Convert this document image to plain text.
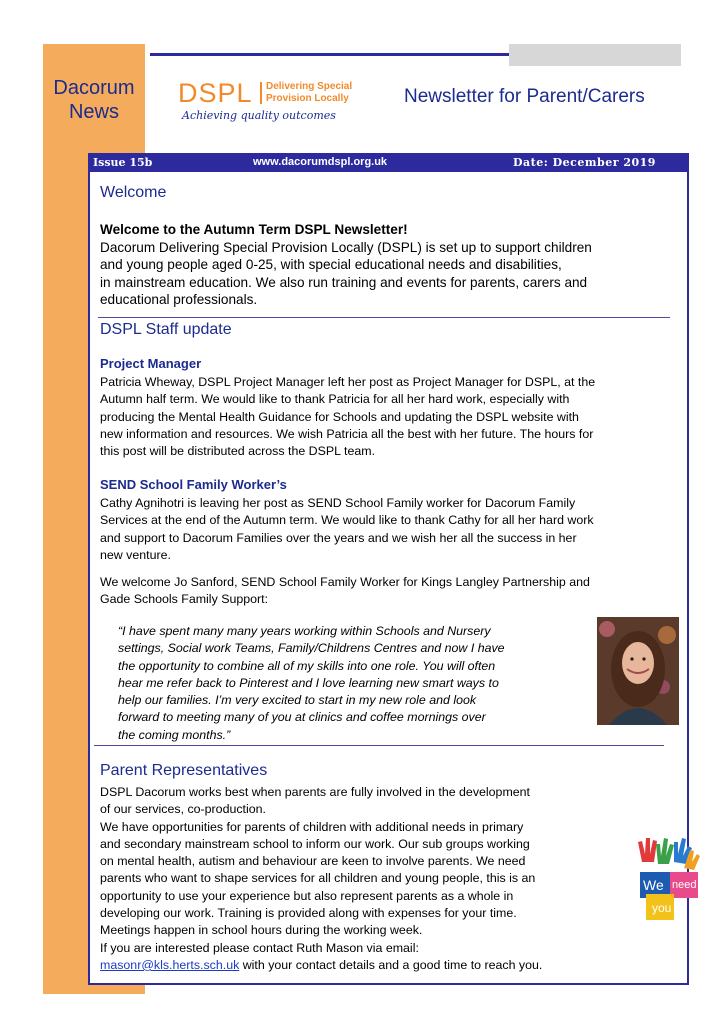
Dacorum
News
DSPL Delivering Special
Provision Locally
Achieving quality outcomes
Newsletter for Parent/Carers
Issue 15b	www.dacorumdspl.org.uk	Date: December 2019
Welcome
Welcome to the Autumn Term DSPL Newsletter!
Dacorum Delivering Special Provision Locally (DSPL) is set up to support children
and young people aged 0-25, with special educational needs and disabilities,
in mainstream education. We also run training and events for parents, carers and
educational professionals.
DSPL Staff update
Project Manager
Patricia Wheway, DSPL Project Manager left her post as Project Manager for DSPL, at the
Autumn half term. We would like to thank Patricia for all her hard work, especially with
producing the Mental Health Guidance for Schools and updating the DSPL website with
new information and resources. We wish Patricia all the best with her future. The hours for
this post will be distributed across the DSPL team.
SEND School Family Worker’s
Cathy Agnihotri is leaving her post as SEND School Family worker for Dacorum Family
Services at the end of the Autumn term. We would like to thank Cathy for all her hard work
and support to Dacorum Families over the years and we wish her all the success in her
new venture.
We welcome Jo Sanford, SEND School Family Worker for Kings Langley Partnership and
Gade Schools Family Support:
“I have spent many many years working within Schools and Nursery
settings, Social work Teams, Family/Childrens Centres and now I have
the opportunity to combine all of my skills into one role. You will often
hear me refer back to Pinterest and I love learning new smart ways to
help our families. I’m very excited to start in my new role and look
forward to meeting many of you at clinics and coffee mornings over
the coming months.”
Parent Representatives
DSPL Dacorum works best when parents are fully involved in the development
of our services, co-production.
We have opportunities for parents of children with additional needs in primary
and secondary mainstream school to inform our work. Our sub groups working
on mental health, autism and behaviour are keen to involve parents. We need
parents who want to shape services for all children and young people, this is an
opportunity to use your experience but also represent parents as a whole in
developing our work. Training is provided along with expenses for your time.
Meetings happen in school hours during the working week.
If you are interested please contact Ruth Mason via email:
masonr@kls.herts.sch.uk with your contact details and a good time to reach you.
We need
you
